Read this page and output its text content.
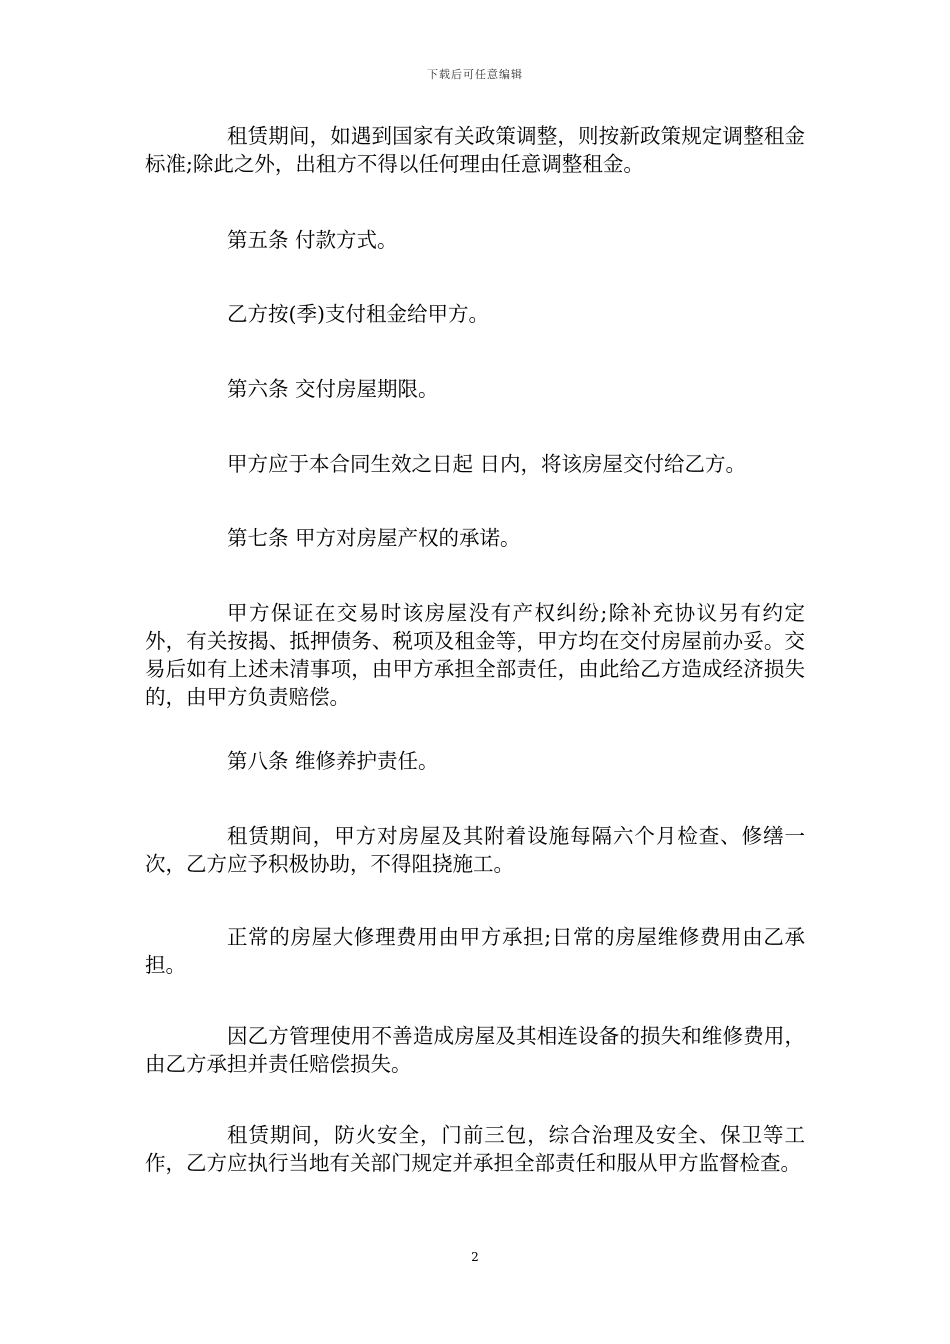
下载后可任意编辑

租赁期间，如遇到国家有关政策调整，则按新政策规定调整租金标准;除此之外，出租方不得以任何理由任意调整租金。

第五条 付款方式。

乙方按(季)支付租金给甲方。

第六条 交付房屋期限。

甲方应于本合同生效之日起 日内，将该房屋交付给乙方。

第七条 甲方对房屋产权的承诺。

甲方保证在交易时该房屋没有产权纠纷;除补充协议另有约定外，有关按揭、抵押债务、税项及租金等，甲方均在交付房屋前办妥。交易后如有上述未清事项，由甲方承担全部责任，由此给乙方造成经济损失的，由甲方负责赔偿。

第八条 维修养护责任。

租赁期间，甲方对房屋及其附着设施每隔六个月检查、修缮一次，乙方应予积极协助，不得阻挠施工。

正常的房屋大修理费用由甲方承担;日常的房屋维修费用由乙承担。

因乙方管理使用不善造成房屋及其相连设备的损失和维修费用，由乙方承担并责任赔偿损失。

租赁期间，防火安全，门前三包，综合治理及安全、保卫等工作，乙方应执行当地有关部门规定并承担全部责任和服从甲方监督检查。

2
